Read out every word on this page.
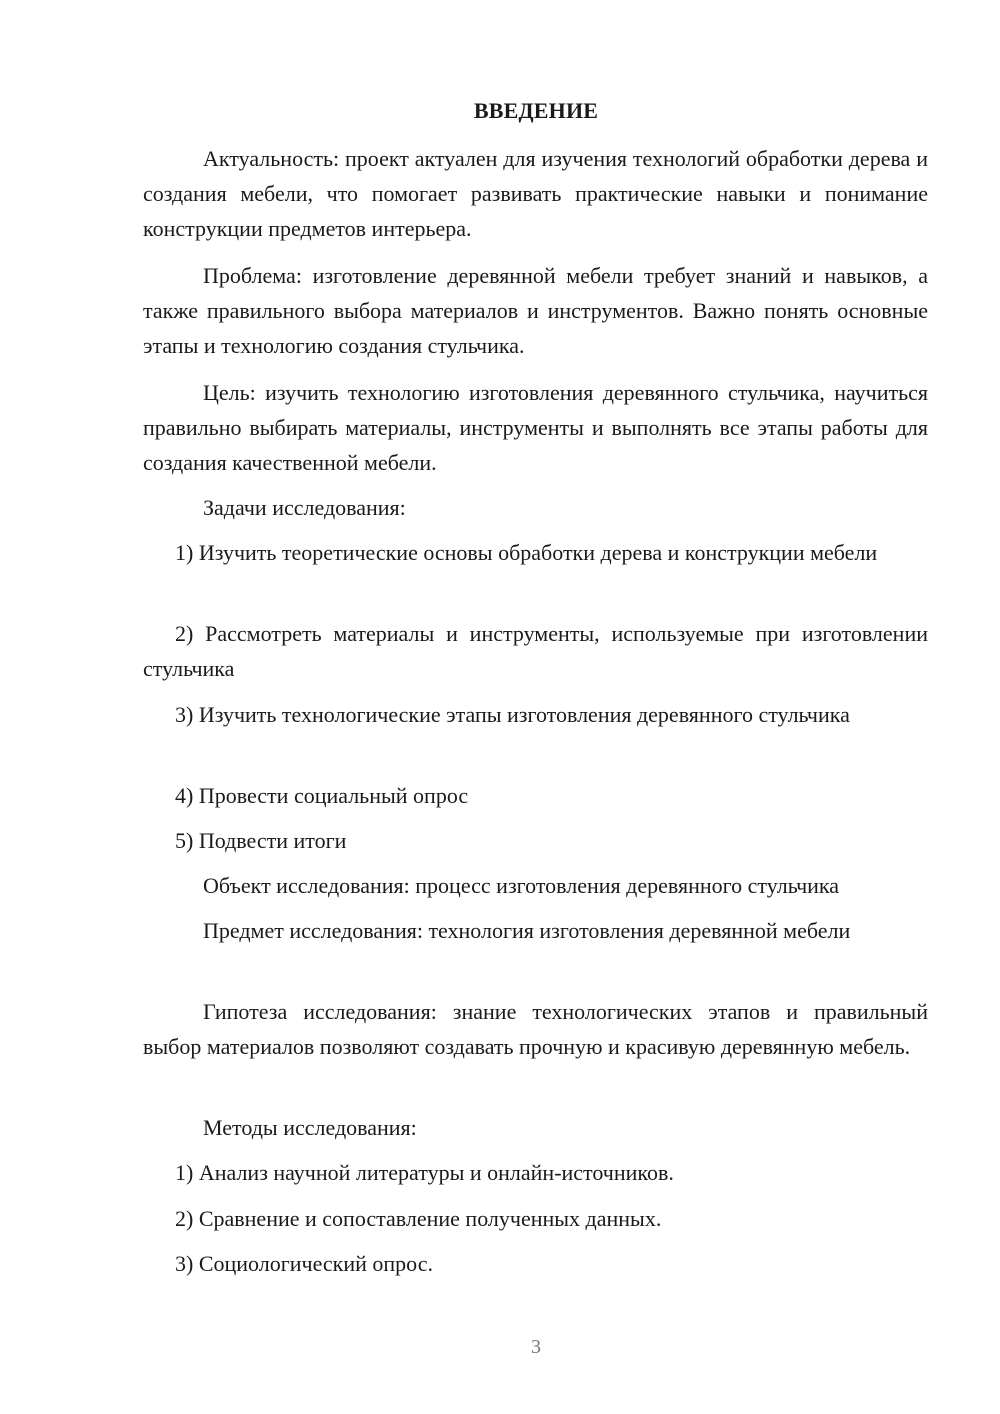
ВВЕДЕНИЕ
Актуальность: проект актуален для изучения технологий обработки дерева и создания мебели, что помогает развивать практические навыки и понимание конструкции предметов интерьера.
Проблема: изготовление деревянной мебели требует знаний и навыков, а также правильного выбора материалов и инструментов. Важно понять основные этапы и технологию создания стульчика.
Цель: изучить технологию изготовления деревянного стульчика, научиться правильно выбирать материалы, инструменты и выполнять все этапы работы для создания качественной мебели.
Задачи исследования:
1) Изучить теоретические основы обработки дерева и конструкции мебели
2) Рассмотреть материалы и инструменты, используемые при изготовлении стульчика
3) Изучить технологические этапы изготовления деревянного стульчика
4) Провести социальный опрос
5) Подвести итоги
Объект исследования: процесс изготовления деревянного стульчика
Предмет исследования: технология изготовления деревянной мебели
Гипотеза исследования: знание технологических этапов и правильный выбор материалов позволяют создавать прочную и красивую деревянную мебель.
Методы исследования:
1) Анализ научной литературы и онлайн-источников.
2) Сравнение и сопоставление полученных данных.
3) Социологический опрос.
3
